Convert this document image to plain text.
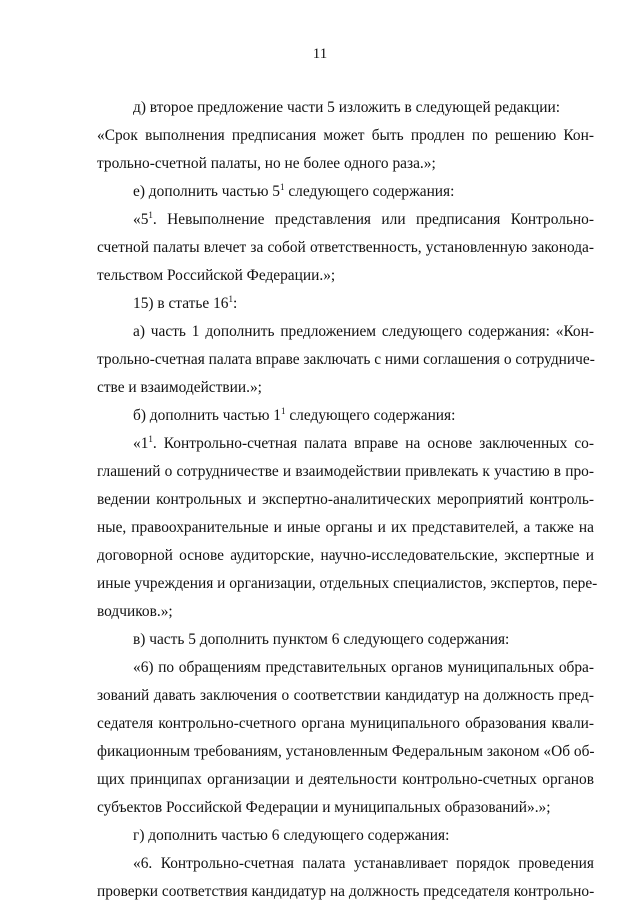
11
д) второе предложение части 5 изложить в следующей редакции:
«Срок выполнения предписания может быть продлен по решению Кон-
трольно-счетной палаты, но не более одного раза.»;
е) дополнить частью $5^1$ следующего содержания:
«$5^1$. Невыполнение представления или предписания Контрольно-
счетной палаты влечет за собой ответственность, установленную законода-
тельством Российской Федерации.»;
15) в статье $16^1$:
а) часть 1 дополнить предложением следующего содержания: «Кон-
трольно-счетная палата вправе заключать с ними соглашения о сотрудниче-
стве и взаимодействии.»;
б) дополнить частью $1^1$ следующего содержания:
«$1^1$. Контрольно-счетная палата вправе на основе заключенных со-
глашений о сотрудничестве и взаимодействии привлекать к участию в про-
ведении контрольных и экспертно-аналитических мероприятий контроль-
ные, правоохранительные и иные органы и их представителей, а также на
договорной основе аудиторские, научно-исследовательские, экспертные и
иные учреждения и организации, отдельных специалистов, экспертов, пере-
водчиков.»;
в) часть 5 дополнить пунктом 6 следующего содержания:
«6) по обращениям представительных органов муниципальных обра-
зований давать заключения о соответствии кандидатур на должность пред-
седателя контрольно-счетного органа муниципального образования квали-
фикационным требованиям, установленным Федеральным законом «Об об-
щих принципах организации и деятельности контрольно-счетных органов
субъектов Российской Федерации и муниципальных образований».»;
г) дополнить частью 6 следующего содержания:
«6. Контрольно-счетная палата устанавливает порядок проведения
проверки соответствия кандидатур на должность председателя контрольно-
